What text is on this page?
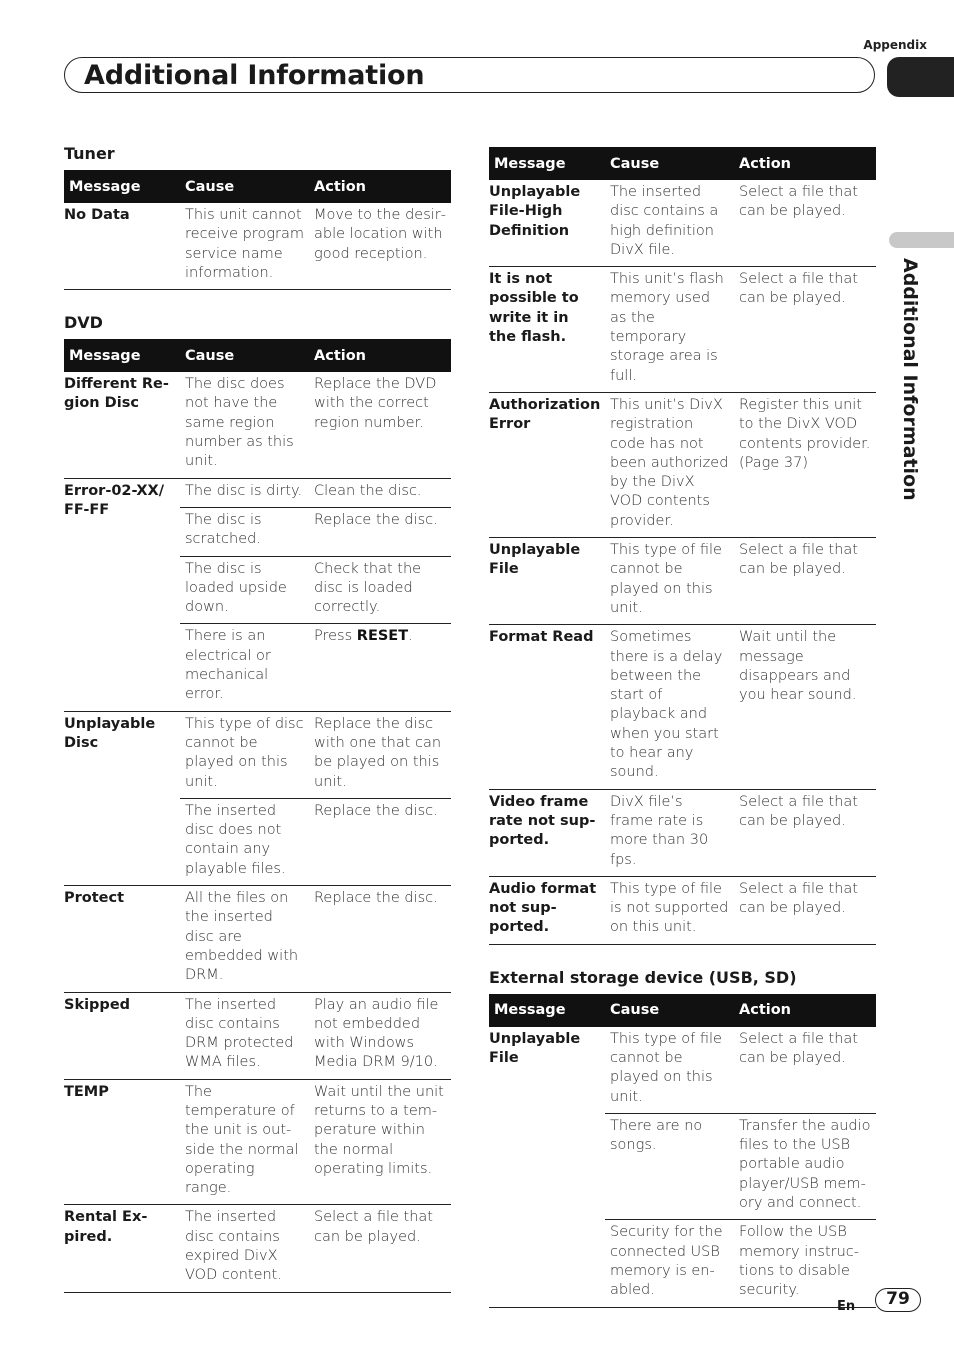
Appendix
Additional Information
Additional Information
Tuner
Message	Cause	Action
No Data	This unit cannot receive program service name information.	Move to the desirable location with good reception.
DVD
Message	Cause	Action
Different Region Disc	The disc does not have the same region number as this unit.	Replace the DVD with the correct region number.
Error-02-XX/ FF-FF	The disc is dirty.	Clean the disc.
	The disc is scratched.	Replace the disc.
	The disc is loaded upside down.	Check that the disc is loaded correctly.
	There is an electrical or mechanical error.	Press RESET.
Unplayable Disc	This type of disc cannot be played on this unit.	Replace the disc with one that can be played on this unit.
	The inserted disc does not contain any playable files.	Replace the disc.
Protect	All the files on the inserted disc are embedded with DRM.	Replace the disc.
Skipped	The inserted disc contains DRM protected WMA files.	Play an audio file not embedded with Windows Media DRM 9/10.
TEMP	The temperature of the unit is outside the normal operating range.	Wait until the unit returns to a temperature within the normal operating limits.
Rental Expired.	The inserted disc contains expired DivX VOD content.	Select a file that can be played.
Message	Cause	Action
Unplayable File-High Definition	The inserted disc contains a high definition DivX file.	Select a file that can be played.
It is not possible to write it in the flash.	This unit’s flash memory used as the temporary storage area is full.	Select a file that can be played.
Authorization Error	This unit’s DivX registration code has not been authorized by the DivX VOD contents provider.	Register this unit to the DivX VOD contents provider. (Page 37)
Unplayable File	This type of file cannot be played on this unit.	Select a file that can be played.
Format Read	Sometimes there is a delay between the start of playback and when you start to hear any sound.	Wait until the message disappears and you hear sound.
Video frame rate not supported.	DivX file’s frame rate is more than 30 fps.	Select a file that can be played.
Audio format not supported.	This type of file is not supported on this unit.	Select a file that can be played.
External storage device (USB, SD)
Message	Cause	Action
Unplayable File	This type of file cannot be played on this unit.	Select a file that can be played.
	There are no songs.	Transfer the audio files to the USB portable audio player/USB memory and connect.
	Security for the connected USB memory is enabled.	Follow the USB memory instructions to disable security.
En	79
